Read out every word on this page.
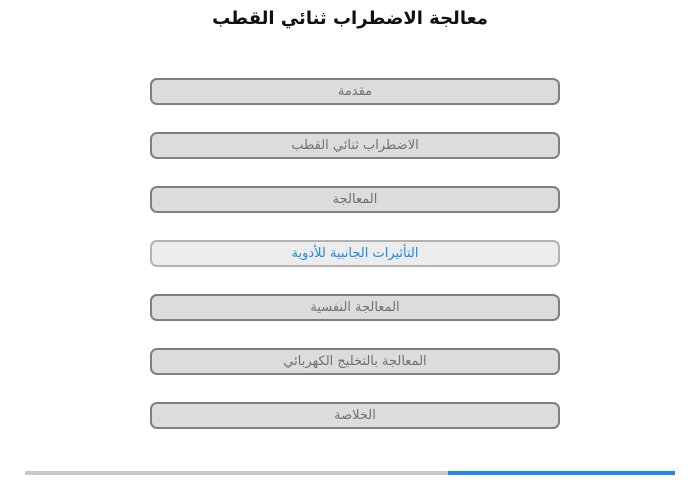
معالجة الاضطراب ثنائي القطب
مقدمة
الاضطراب ثنائي القطب
المعالجة
التأثيرات الجانبية للأدوية
المعالجة النفسية
المعالجة بالتخليج الكهربائي
الخلاصة
